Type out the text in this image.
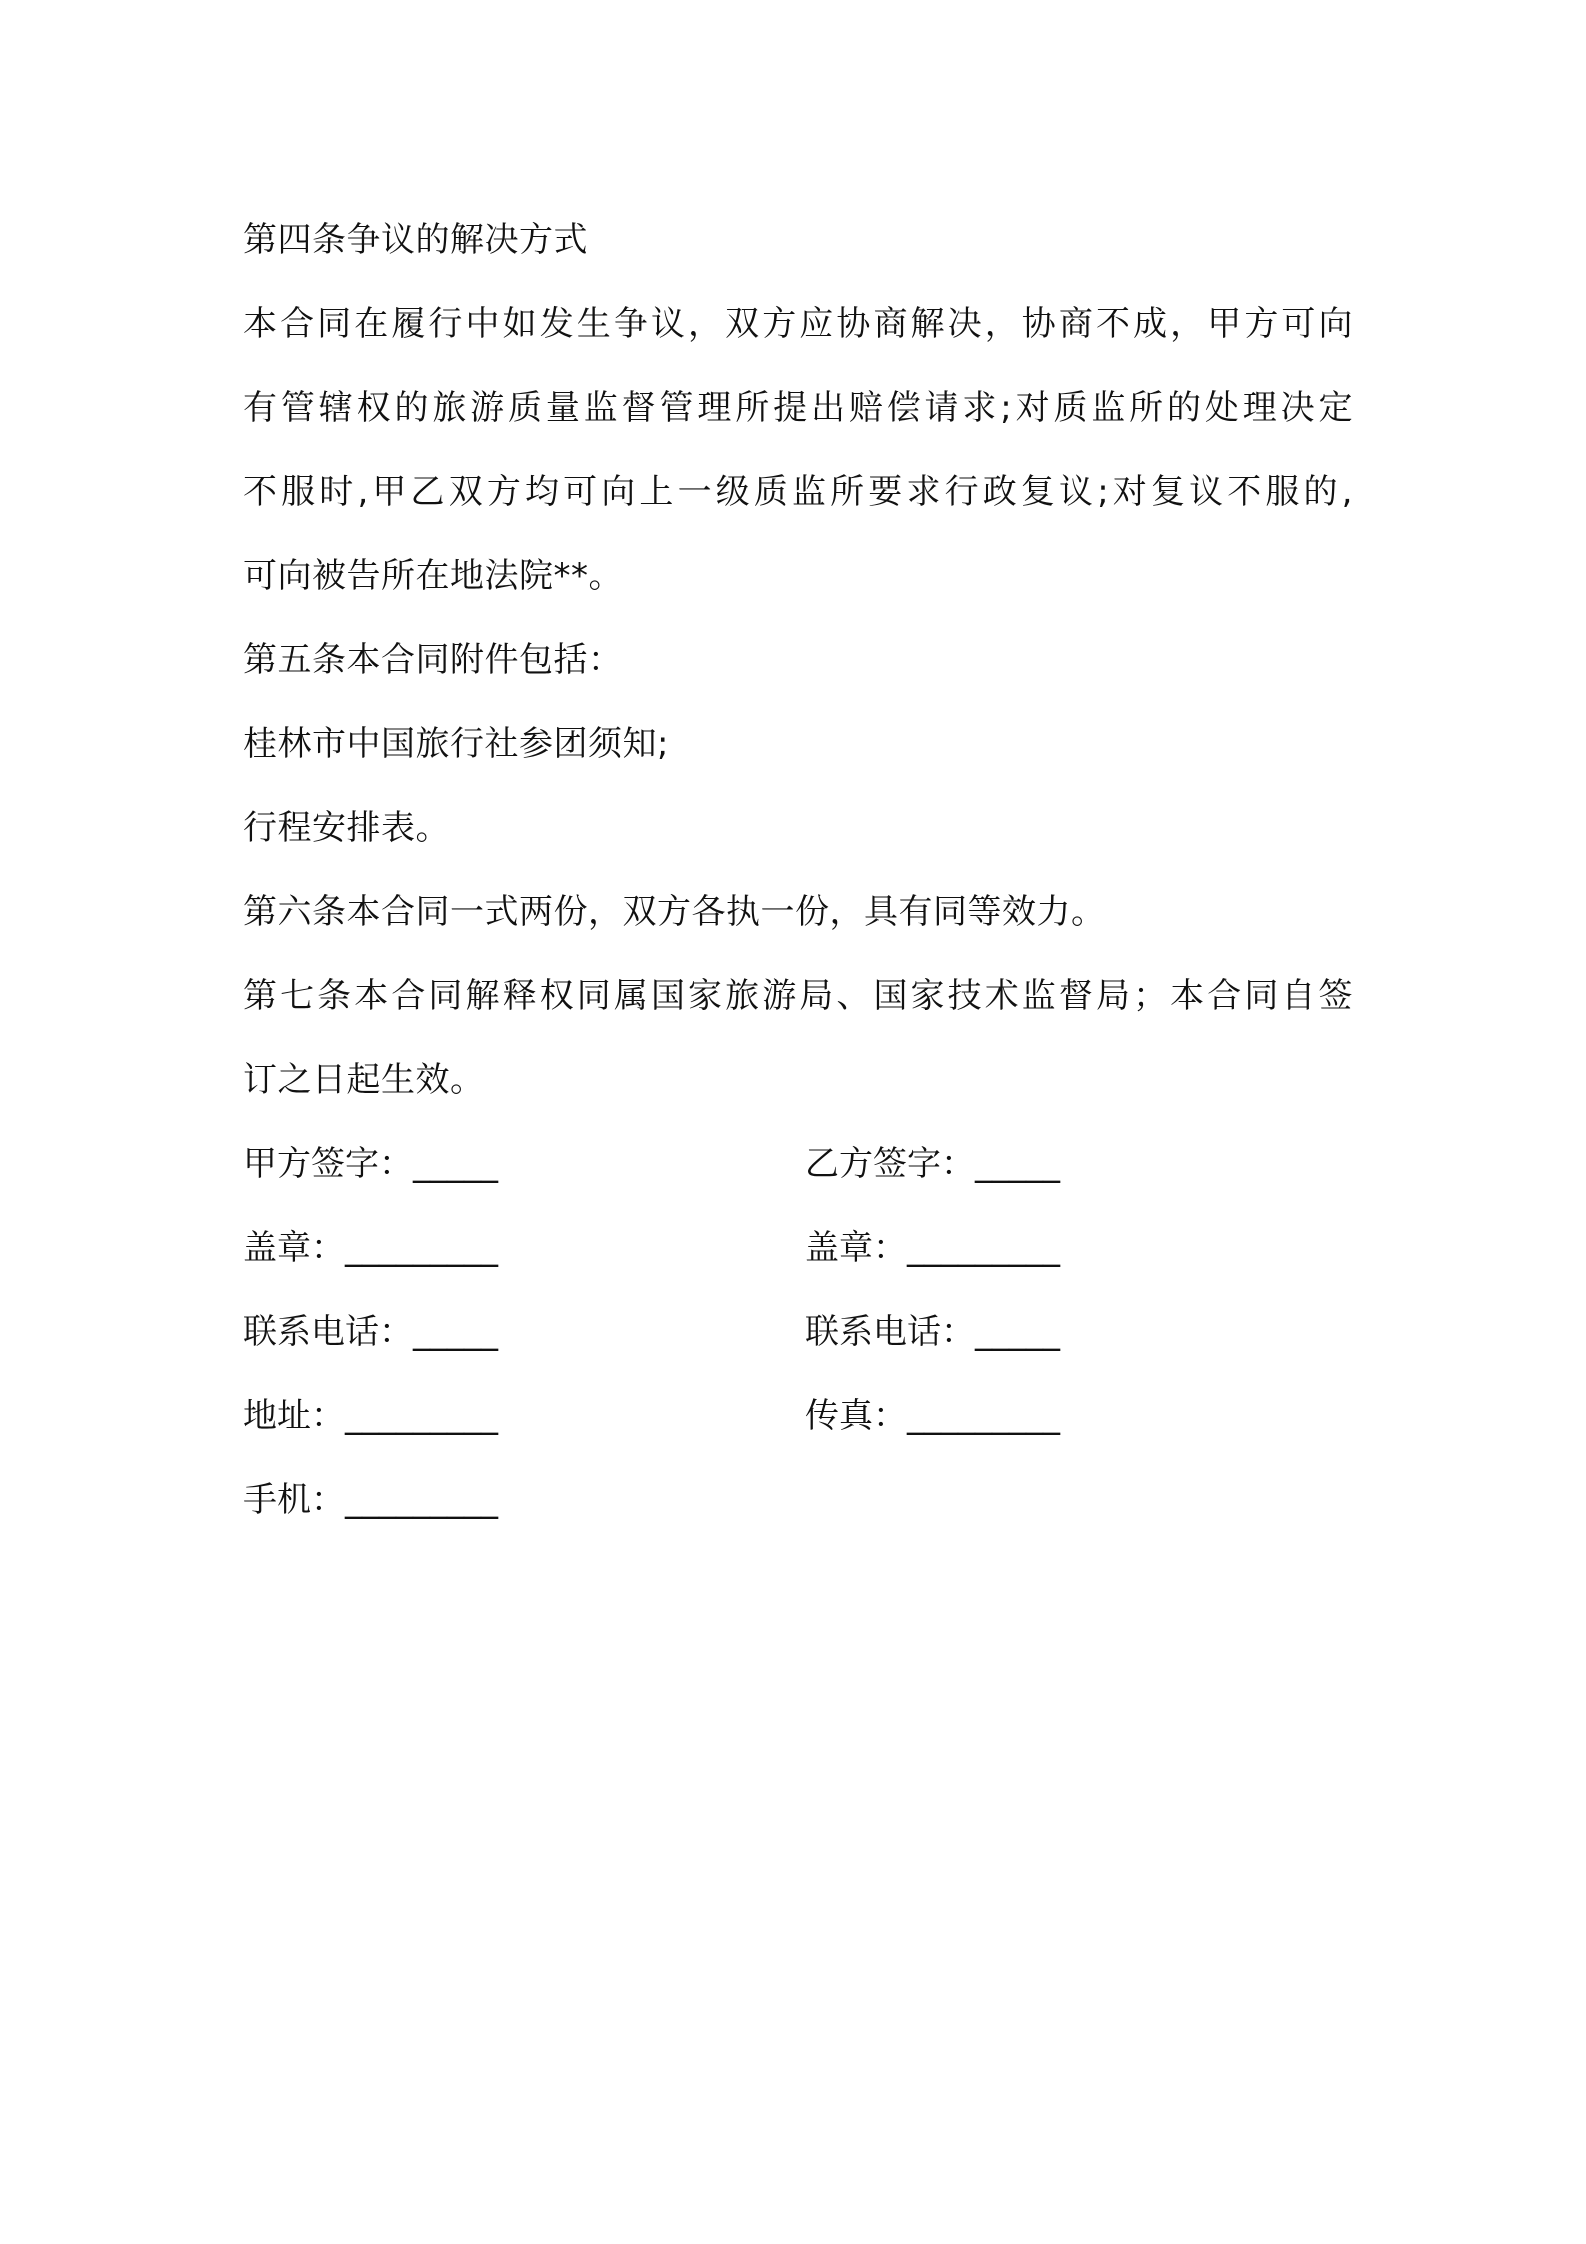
第四条争议的解决方式
本合同在履行中如发生争议，双方应协商解决，协商不成，甲方可向
有管辖权的旅游质量监督管理所提出赔偿请求;对质监所的处理决定
不服时,甲乙双方均可向上一级质监所要求行政复议;对复议不服的,
可向被告所在地法院**。
第五条本合同附件包括：
桂林市中国旅行社参团须知;
行程安排表。
第六条本合同一式两份，双方各执一份，具有同等效力。
第七条本合同解释权同属国家旅游局、国家技术监督局；本合同自签
订之日起生效。
甲方签字：_____	乙方签字：_____
盖章：_________	盖章：_________
联系电话：_____	联系电话：_____
地址：_________	传真：_________
手机：_________
